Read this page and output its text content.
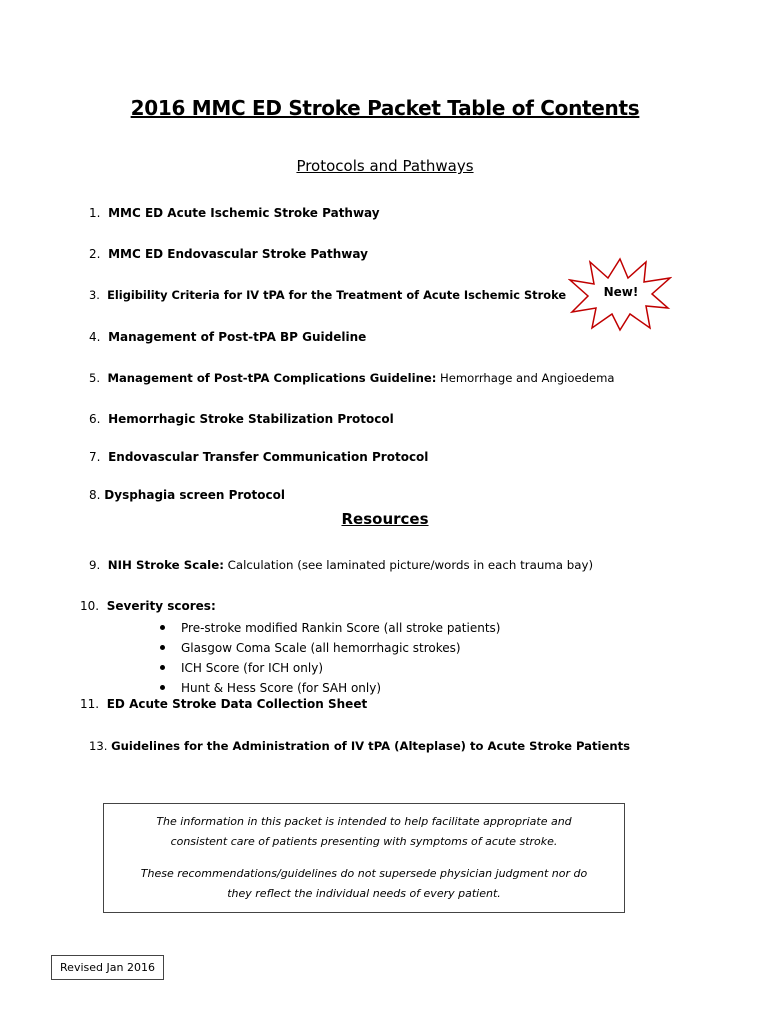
2016 MMC ED Stroke Packet Table of Contents
Protocols and Pathways
1. MMC ED Acute Ischemic Stroke Pathway
2. MMC ED Endovascular Stroke Pathway
3. Eligibility Criteria for IV tPA for the Treatment of Acute Ischemic Stroke	New!
4. Management of Post-tPA BP Guideline
5. Management of Post-tPA Complications Guideline: Hemorrhage and Angioedema
6. Hemorrhagic Stroke Stabilization Protocol
7. Endovascular Transfer Communication Protocol
8. Dysphagia screen Protocol
Resources
9. NIH Stroke Scale: Calculation (see laminated picture/words in each trauma bay)
10. Severity scores:
Pre-stroke modified Rankin Score (all stroke patients)
Glasgow Coma Scale (all hemorrhagic strokes)
ICH Score (for ICH only)
Hunt & Hess Score (for SAH only)
11. ED Acute Stroke Data Collection Sheet
13. Guidelines for the Administration of IV tPA (Alteplase) to Acute Stroke Patients

The information in this packet is intended to help facilitate appropriate and consistent care of patients presenting with symptoms of acute stroke.

These recommendations/guidelines do not supersede physician judgment nor do they reflect the individual needs of every patient.

Revised Jan 2016
